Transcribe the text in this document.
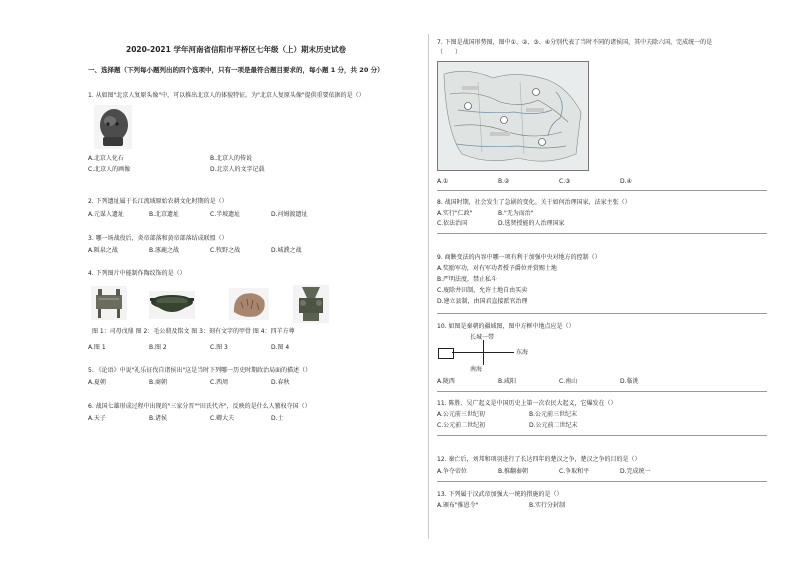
2020-2021 学年河南省信阳市平桥区七年级（上）期末历史试卷
一、选择题（下列每小题列出的四个选项中，只有一项是最符合题目要求的，每小题 1 分，共 20 分）
1. 从如图"北京人复原头像"中，可以推出北京人的体貌特征。为"北京人复原头像"提供重要依据的是（）
A.北京人化石	B.北京人的传说
C.北京人的画像	D.北京人的文字记载
2. 下列遗址属于长江流域原始农耕文化时期的是（）
A.元谋人遗址	B.北京遗址	C.半坡遗址	D.河姆渡遗址
3. 哪一场战役后，炎帝部落和黄帝部落结成联盟（）
A.阪泉之战	B.涿鹿之战	C.牧野之战	D.城濮之战
4. 下列图片中能制作陶纹饰的是（）
图 1：司母戊鼎 图 2：毛公鼎及铭文 图 3：刻有文字的甲骨 图 4：四羊方尊
A.图 1	B.图 2	C.图 3	D.图 4
5. 《论语》中说"礼乐征伐自诸侯出"这是当时下列哪一历史时期政治局面的描述（）
A.夏朝	B.商朝	C.西周	D.春秋
6. 战国七雄形成过程中出现的"三家分晋""田氏代齐"，反映的是什么人篡权夺国（）
A.天子	B.诸侯	C.卿大夫	D.士
7. 下图是战国形势图，图中①、②、③、④分别代表了当时不同的诸侯国，其中夫除六国，完成统一的是
（　　）
A.①	B.②	C.③	D.④
8. 战国时期，社会发生了急剧的变化。关于如何治理国家，法家主张（）
A.实行"仁政"	B."无为而治"
C.依法治国	D.选贤授能的人治理国家
9. 商鞅变法的内容中哪一项有利于加强中央对地方的控制（）
A.奖励军功，对有军功者授予爵位并赏赐土地
B.严明法度，禁止私斗
C.废除井田制，允许土地自由买卖
D.建立县制，由国君直接派官治理
10. 如图是秦朝的疆域图，图中方框中地点应是（）
长城一带
东海
南海
A.陇西	B.咸阳	C.南山	D.临洮
11. 陈胜、吴广起义是中国历史上第一次农民大起义，它爆发在（）
A.公元前三世纪初	B.公元前三世纪末
C.公元前二世纪初	D.公元前二世纪末
12. 秦亡后，刘邦和项羽进行了长达四年的楚汉之争，楚汉之争的目的是（）
A.争夺帝位	B.推翻秦朝	C.争取和平	D.完成统一
13. 下列属于汉武帝加强大一统的措施的是（）
A.颁布"推恩令"	B.实行分封制
